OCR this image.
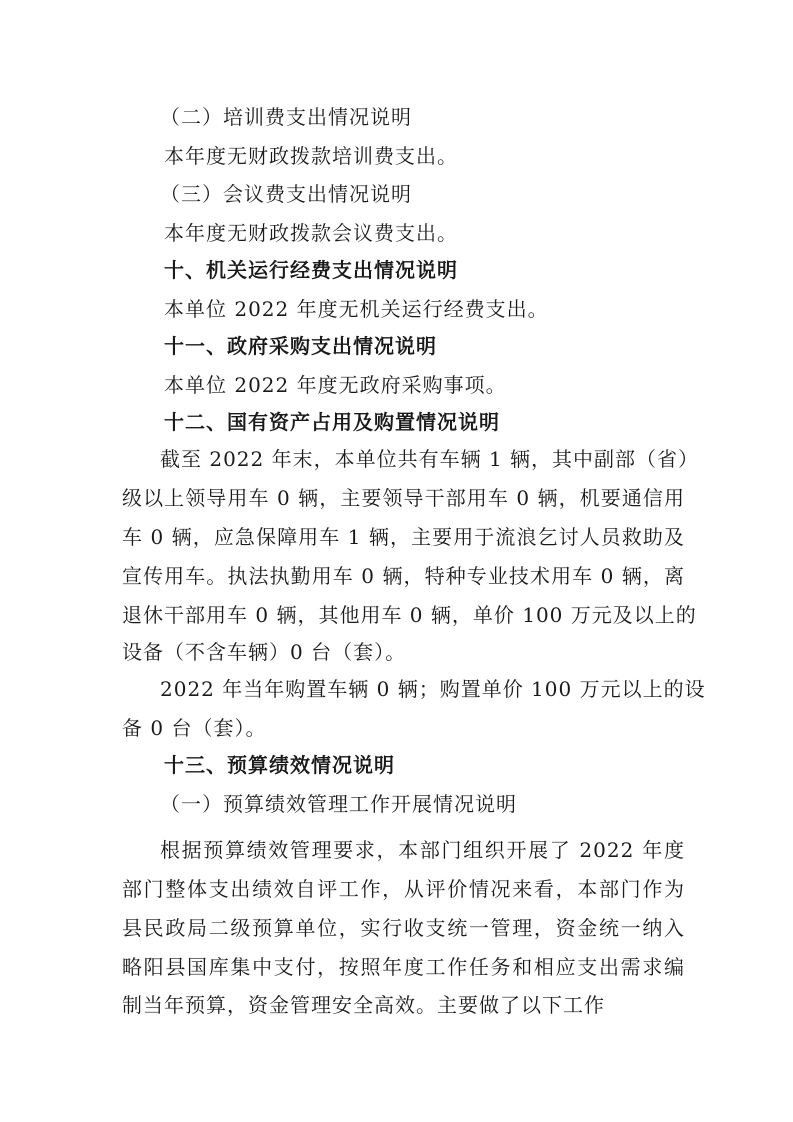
（二）培训费支出情况说明

本年度无财政拨款培训费支出。

（三）会议费支出情况说明

本年度无财政拨款会议费支出。

十、机关运行经费支出情况说明

本单位 2022 年度无机关运行经费支出。

十一、政府采购支出情况说明

本单位 2022 年度无政府采购事项。

十二、国有资产占用及购置情况说明

截至 2022 年末，本单位共有车辆 1 辆，其中副部（省）

级以上领导用车 0 辆，主要领导干部用车 0 辆，机要通信用

车 0 辆，应急保障用车 1 辆，主要用于流浪乞讨人员救助及

宣传用车。执法执勤用车 0 辆，特种专业技术用车 0 辆，离

退休干部用车 0 辆，其他用车 0 辆，单价 100 万元及以上的

设备（不含车辆）0 台（套）。

2022 年当年购置车辆 0 辆；购置单价 100 万元以上的设

备 0 台（套）。

十三、预算绩效情况说明

（一）预算绩效管理工作开展情况说明

根据预算绩效管理要求，本部门组织开展了 2022 年度

部门整体支出绩效自评工作，从评价情况来看，本部门作为

县民政局二级预算单位，实行收支统一管理，资金统一纳入

略阳县国库集中支付，按照年度工作任务和相应支出需求编

制当年预算，资金管理安全高效。主要做了以下工作
